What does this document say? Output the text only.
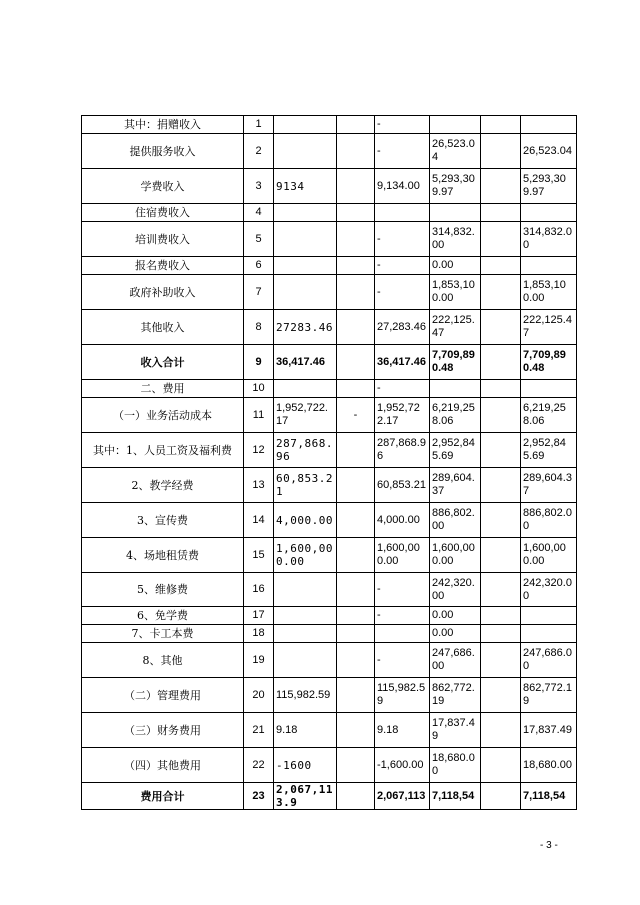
其中：捐赠收入	1			-			
提供服务收入	2			-	26,523.04		26,523.04
学费收入	3	9134		9,134.00	5,293,309.97		5,293,309.97
住宿费收入	4						
培训费收入	5			-	314,832.00		314,832.00
报名费收入	6			-	0.00		
政府补助收入	7			-	1,853,100.00		1,853,100.00
其他收入	8	27283.46		27,283.46	222,125.47		222,125.47
收入合计	9	36,417.46		36,417.46	7,709,890.48		7,709,890.48
二、费用	10			-			
（一）业务活动成本	11	1,952,722.17	-	1,952,722.17	6,219,258.06		6,219,258.06
其中：1、人员工资及福利费	12	287,868.96		287,868.96	2,952,845.69		2,952,845.69
2、教学经费	13	60,853.21		60,853.21	289,604.37		289,604.37
3、宣传费	14	4,000.00		4,000.00	886,802.00		886,802.00
4、场地租赁费	15	1,600,000.00		1,600,000.00	1,600,000.00		1,600,000.00
5、维修费	16			-	242,320.00		242,320.00
6、免学费	17			-	0.00		
7、卡工本费	18				0.00		
8、其他	19			-	247,686.00		247,686.00
（二）管理费用	20	115,982.59		115,982.59	862,772.19		862,772.19
（三）财务费用	21	9.18		9.18	17,837.49		17,837.49
（四）其他费用	22	-1600		-1,600.00	18,680.00		18,680.00
费用合计	23	2,067,113.9		2,067,113	7,118,54		7,118,54
- 3 -
